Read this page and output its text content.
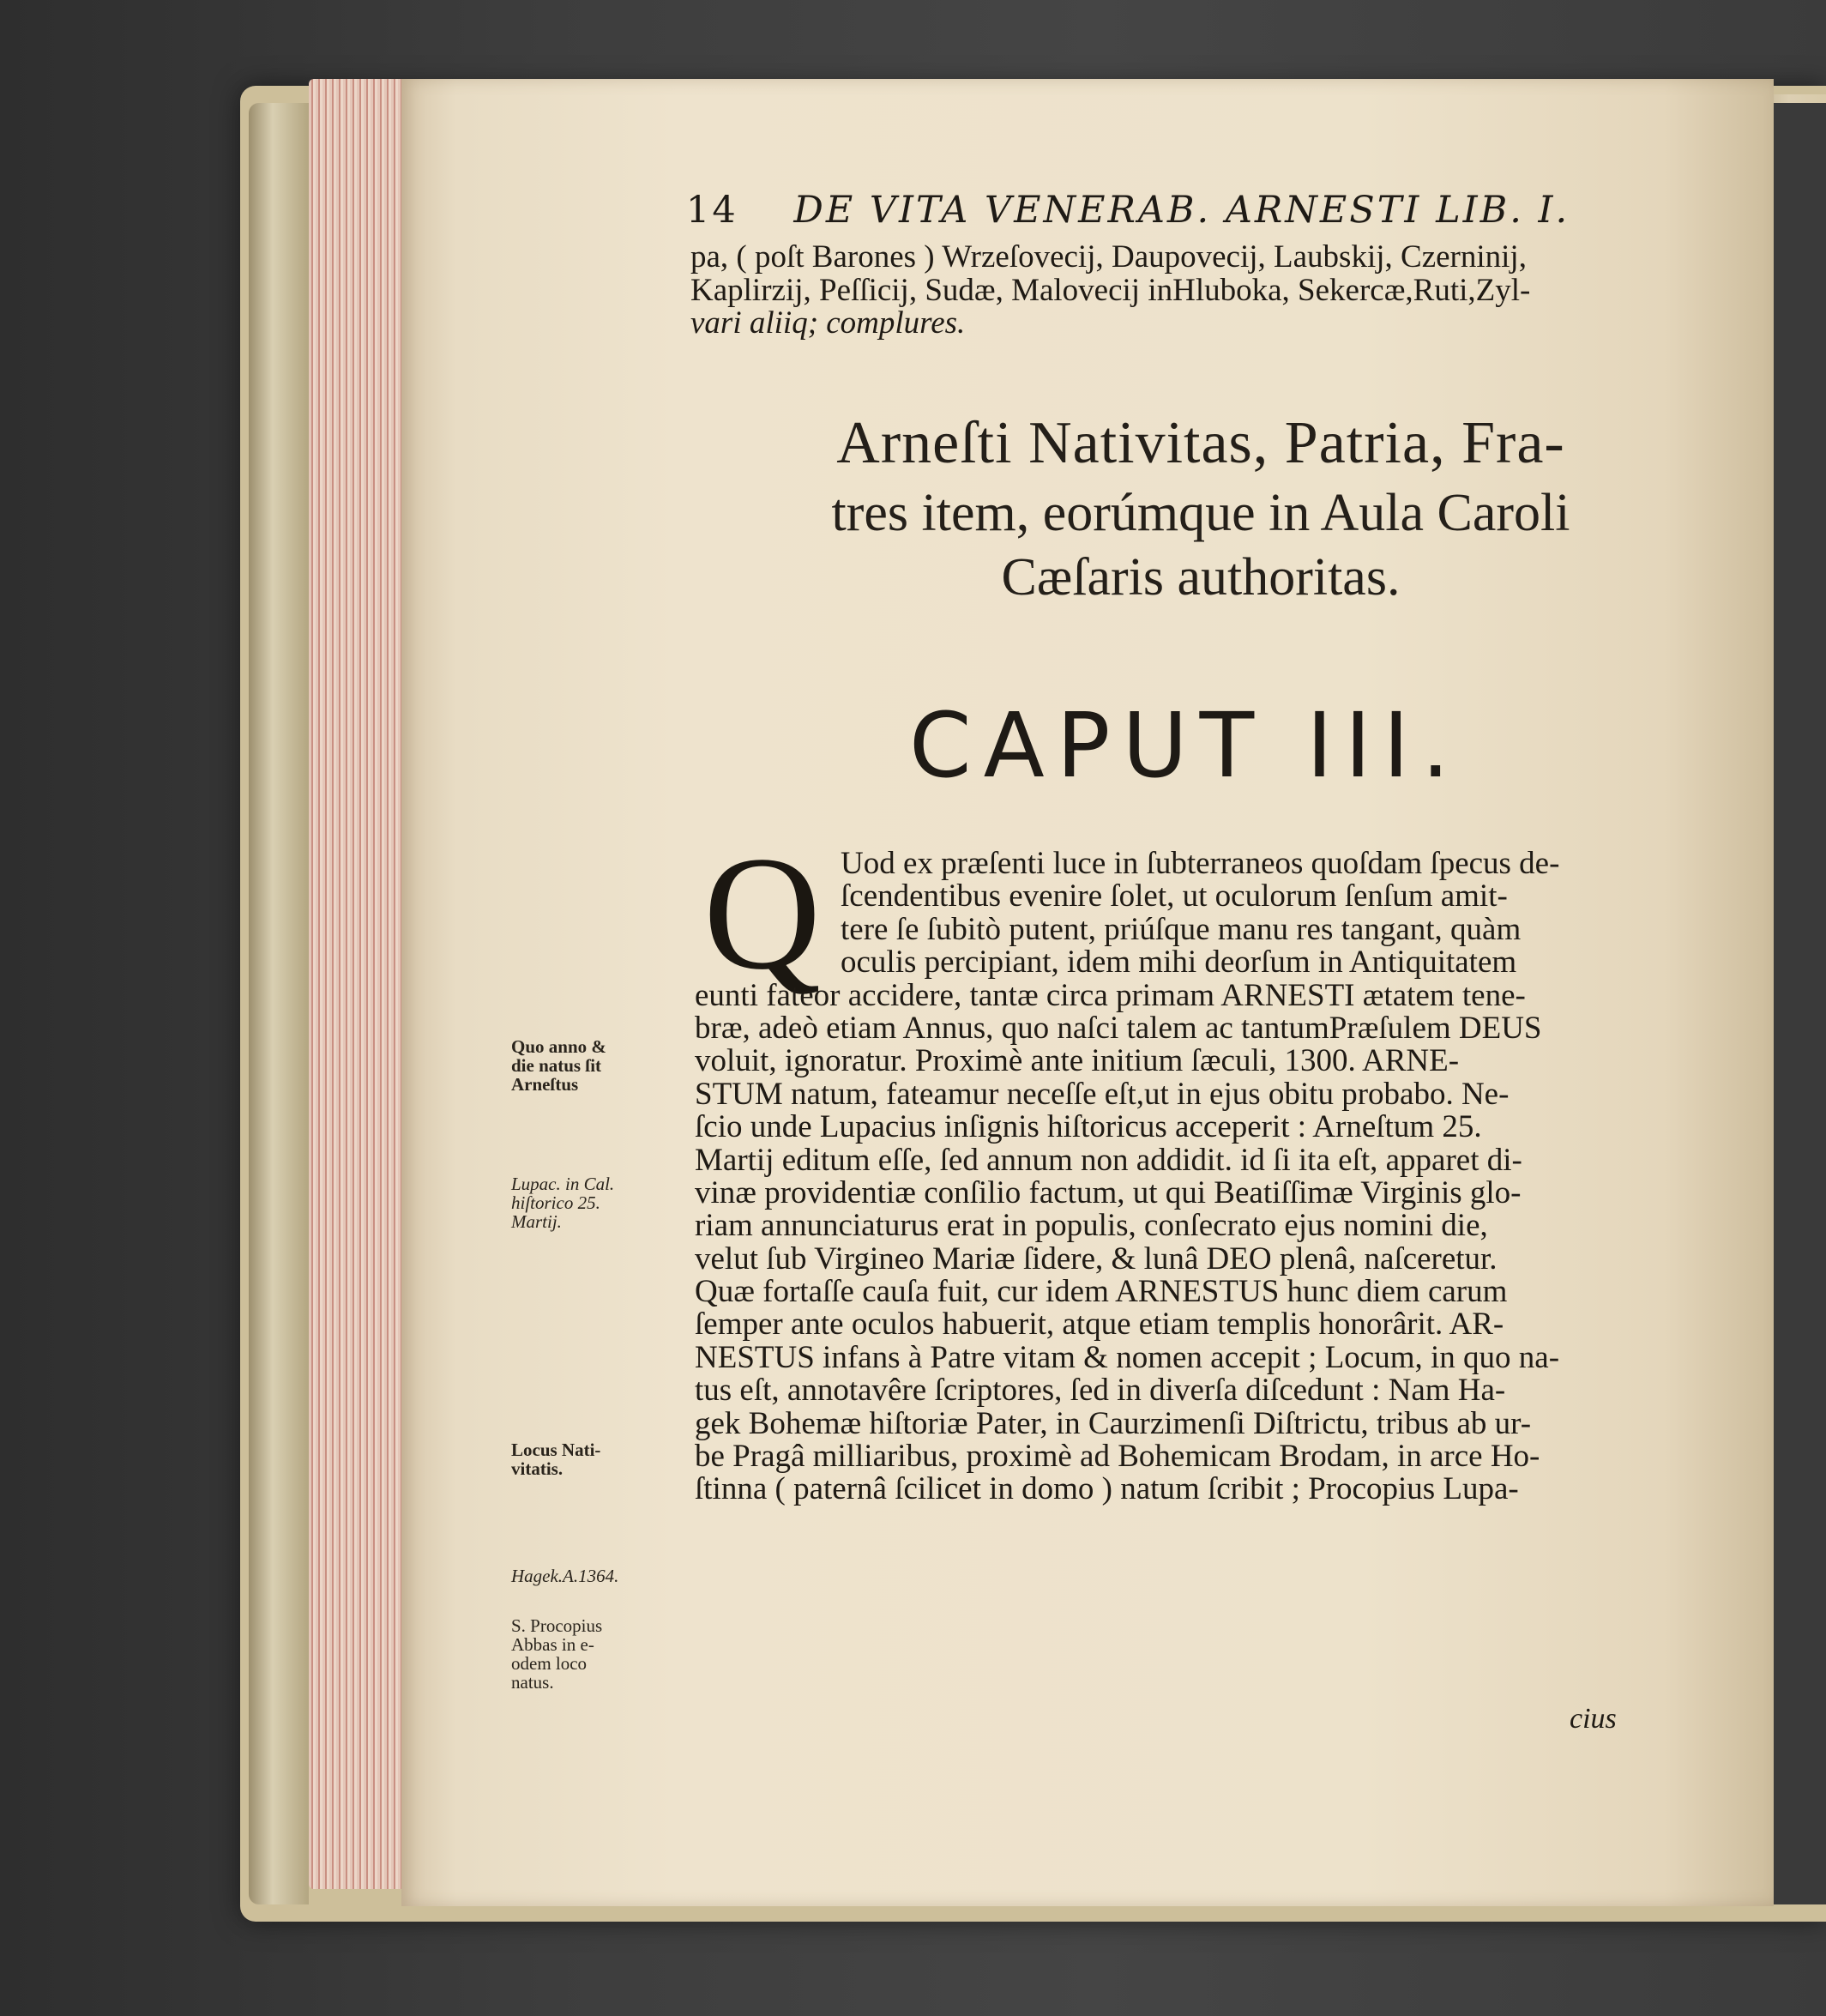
14 DE VITA VENERAB. ARNESTI LIB. I.
pa, ( poſt Barones ) Wrzeſovecij, Daupovecij, Laubskij, Czerninij,
Kaplirzij, Peſſicij, Sudæ, Malovecij inHluboka, Sekercæ,Ruti,Zyl-
vari aliiq; complures.
Arneſti Nativitas, Patria, Fra-
tres item, eorúmque in Aula Caroli
Cæſaris authoritas.
CAPUT III.
Q Uod ex præſenti luce in ſubterraneos quoſdam ſpecus de-
ſcendentibus evenire ſolet, ut oculorum ſenſum amit-
tere ſe ſubitò putent, priúſque manu res tangant, quàm
oculis percipiant, idem mihi deorſum in Antiquitatem
eunti fateor accidere, tantæ circa primam ARNESTI ætatem tene-
bræ, adeò etiam Annus, quo naſci talem ac tantumPræſulem DEUS
voluit, ignoratur. Proximè ante initium ſæculi, 1300. ARNE-
STUM natum, fateamur neceſſe eſt,ut in ejus obitu probabo. Ne-
ſcio unde Lupacius inſignis hiſtoricus acceperit : Arneſtum 25.
Martij editum eſſe, ſed annum non addidit. id ſi ita eſt, apparet di-
vinæ providentiæ conſilio factum, ut qui Beatiſſimæ Virginis glo-
riam annunciaturus erat in populis, conſecrato ejus nomini die,
velut ſub Virgineo Mariæ ſidere, & lunâ DEO plenâ, naſceretur.
Quæ fortaſſe cauſa fuit, cur idem ARNESTUS hunc diem carum
ſemper ante oculos habuerit, atque etiam templis honorârit. AR-
NESTUS infans à Patre vitam & nomen accepit ; Locum, in quo na-
tus eſt, annotavêre ſcriptores, ſed in diverſa diſcedunt : Nam Ha-
gek Bohemæ hiſtoriæ Pater, in Caurzimenſi Diſtrictu, tribus ab ur-
be Pragâ milliaribus, proximè ad Bohemicam Brodam, in arce Ho-
ſtinna ( paternâ ſcilicet in domo ) natum ſcribit ; Procopius Lupa-
cius
Quo anno &
die natus ſit
Arneſtus
Lupac. in Cal.
hiſtorico 25.
Martij.
Locus Nati-
vitatis.
Hagek.A.1364.
S. Procopius
Abbas in e-
odem loco
natus.
